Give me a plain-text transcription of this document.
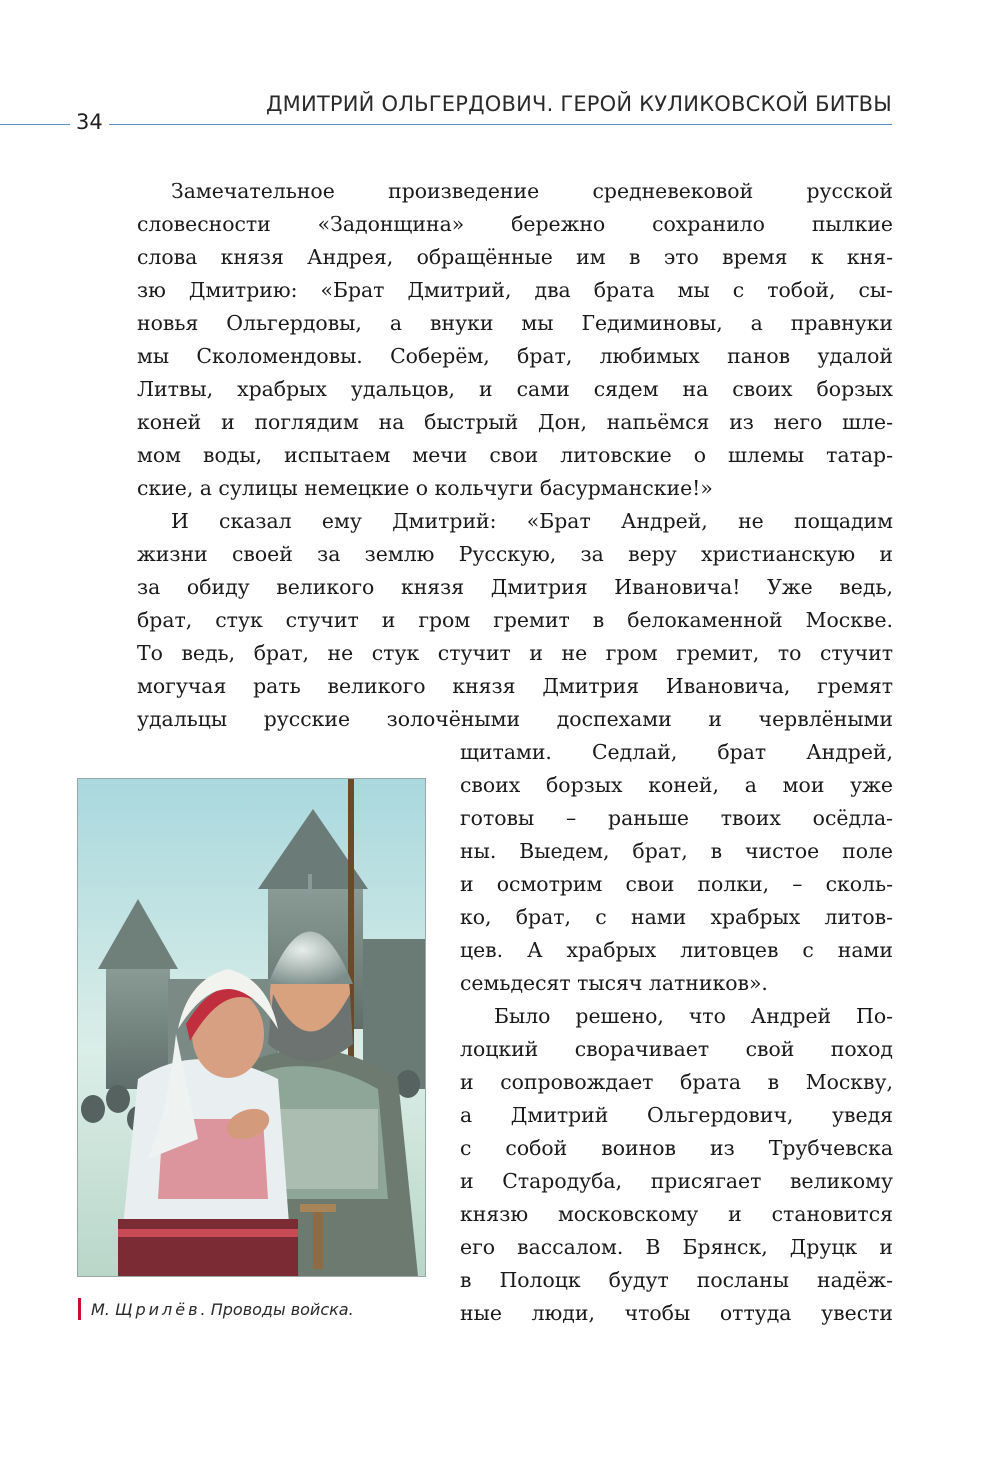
34
ДМИТРИЙ ОЛЬГЕРДОВИЧ. ГЕРОЙ КУЛИКОВСКОЙ БИТВЫ
Замечательное произведение средневековой русской
словесности «Задонщина» бережно сохранило пылкие
слова князя Андрея, обращённые им в это время к кня-
зю Дмитрию: «Брат Дмитрий, два брата мы с тобой, сы-
новья Ольгердовы, а внуки мы Гедиминовы, а правнуки
мы Сколомендовы. Соберём, брат, любимых панов удалой
Литвы, храбрых удальцов, и сами сядем на своих борзых
коней и поглядим на быстрый Дон, напьёмся из него шле-
мом воды, испытаем мечи свои литовские о шлемы татар-
ские, а сулицы немецкие о кольчуги басурманские!»
И сказал ему Дмитрий: «Брат Андрей, не пощадим
жизни своей за землю Русскую, за веру христианскую и
за обиду великого князя Дмитрия Ивановича! Уже ведь,
брат, стук стучит и гром гремит в белокаменной Москве.
То ведь, брат, не стук стучит и не гром гремит, то стучит
могучая рать великого князя Дмитрия Ивановича, гремят
удальцы русские золочёными доспехами и червлёными
щитами. Седлай, брат Андрей,
своих борзых коней, а мои уже
готовы – раньше твоих осёдла-
ны. Выедем, брат, в чистое поле
и осмотрим свои полки, – сколь-
ко, брат, с нами храбрых литов-
цев. А храбрых литовцев с нами
семьдесят тысяч латников».
Было решено, что Андрей По-
лоцкий сворачивает свой поход
и сопровождает брата в Москву,
а Дмитрий Ольгердович, уведя
с собой воинов из Трубчевска
и Стародуба, присягает великому
князю московскому и становится
его вассалом. В Брянск, Друцк и
в Полоцк будут посланы надёж-
ные люди, чтобы оттуда увести
М.
Щрилёв . Проводы войска.
